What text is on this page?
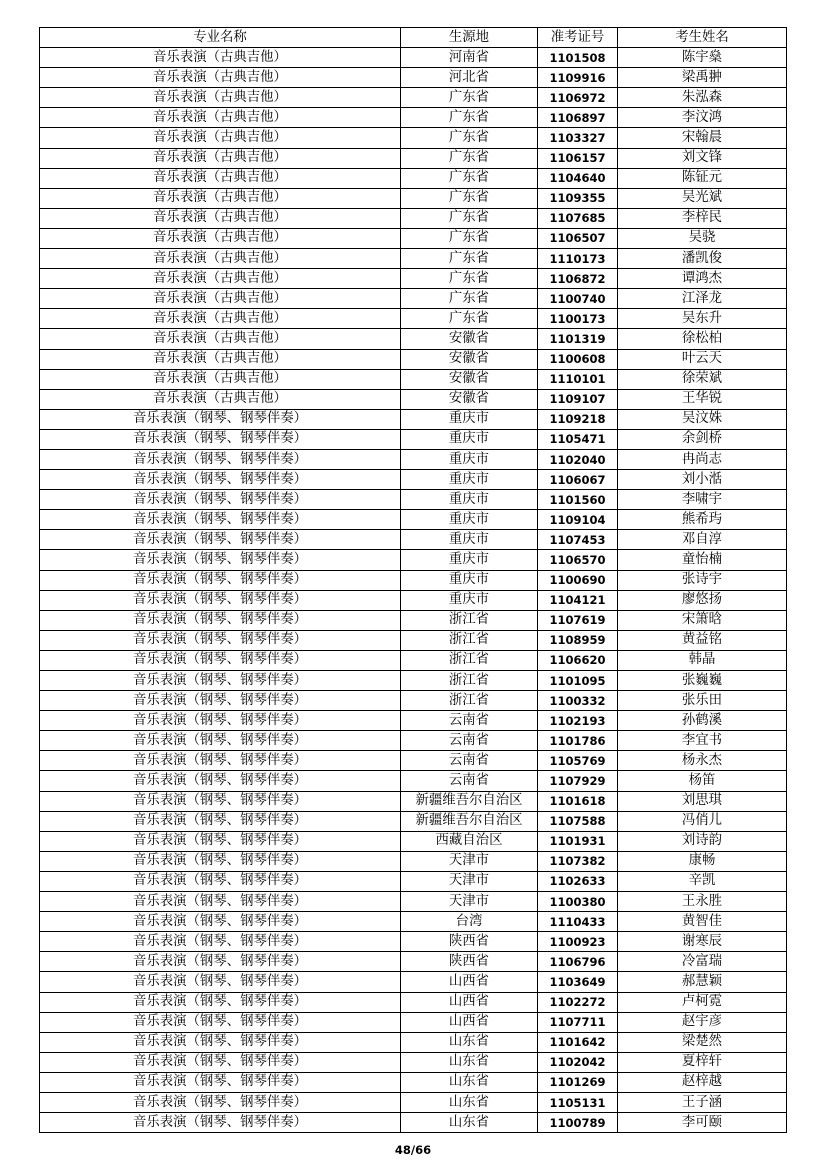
专业名称	生源地	准考证号	考生姓名
音乐表演（古典吉他）	河南省	1101508	陈宇燊
音乐表演（古典吉他）	河北省	1109916	梁禹翀
音乐表演（古典吉他）	广东省	1106972	朱泓森
音乐表演（古典吉他）	广东省	1106897	李汶鸿
音乐表演（古典吉他）	广东省	1103327	宋翰晨
音乐表演（古典吉他）	广东省	1106157	刘文锋
音乐表演（古典吉他）	广东省	1104640	陈钲元
音乐表演（古典吉他）	广东省	1109355	吴光斌
音乐表演（古典吉他）	广东省	1107685	李梓民
音乐表演（古典吉他）	广东省	1106507	吴骁
音乐表演（古典吉他）	广东省	1110173	潘凯俊
音乐表演（古典吉他）	广东省	1106872	谭鸿杰
音乐表演（古典吉他）	广东省	1100740	江泽龙
音乐表演（古典吉他）	广东省	1100173	吴东升
音乐表演（古典吉他）	安徽省	1101319	徐松柏
音乐表演（古典吉他）	安徽省	1100608	叶云天
音乐表演（古典吉他）	安徽省	1110101	徐荣斌
音乐表演（古典吉他）	安徽省	1109107	王华锐
音乐表演（钢琴、钢琴伴奏）	重庆市	1109218	吴汶姝
音乐表演（钢琴、钢琴伴奏）	重庆市	1105471	余剑桥
音乐表演（钢琴、钢琴伴奏）	重庆市	1102040	冉尚志
音乐表演（钢琴、钢琴伴奏）	重庆市	1106067	刘小湉
音乐表演（钢琴、钢琴伴奏）	重庆市	1101560	李啸宇
音乐表演（钢琴、钢琴伴奏）	重庆市	1109104	熊希玙
音乐表演（钢琴、钢琴伴奏）	重庆市	1107453	邓自淳
音乐表演（钢琴、钢琴伴奏）	重庆市	1106570	童怡楠
音乐表演（钢琴、钢琴伴奏）	重庆市	1100690	张诗宇
音乐表演（钢琴、钢琴伴奏）	重庆市	1104121	廖悠扬
音乐表演（钢琴、钢琴伴奏）	浙江省	1107619	宋箫晗
音乐表演（钢琴、钢琴伴奏）	浙江省	1108959	黄益铭
音乐表演（钢琴、钢琴伴奏）	浙江省	1106620	韩晶
音乐表演（钢琴、钢琴伴奏）	浙江省	1101095	张巍巍
音乐表演（钢琴、钢琴伴奏）	浙江省	1100332	张乐田
音乐表演（钢琴、钢琴伴奏）	云南省	1102193	孙鹤溪
音乐表演（钢琴、钢琴伴奏）	云南省	1101786	李宜书
音乐表演（钢琴、钢琴伴奏）	云南省	1105769	杨永杰
音乐表演（钢琴、钢琴伴奏）	云南省	1107929	杨笛
音乐表演（钢琴、钢琴伴奏）	新疆维吾尔自治区	1101618	刘思琪
音乐表演（钢琴、钢琴伴奏）	新疆维吾尔自治区	1107588	冯俏儿
音乐表演（钢琴、钢琴伴奏）	西藏自治区	1101931	刘诗韵
音乐表演（钢琴、钢琴伴奏）	天津市	1107382	康畅
音乐表演（钢琴、钢琴伴奏）	天津市	1102633	辛凯
音乐表演（钢琴、钢琴伴奏）	天津市	1100380	王永胜
音乐表演（钢琴、钢琴伴奏）	台湾	1110433	黄智佳
音乐表演（钢琴、钢琴伴奏）	陕西省	1100923	谢寒辰
音乐表演（钢琴、钢琴伴奏）	陕西省	1106796	冷富瑞
音乐表演（钢琴、钢琴伴奏）	山西省	1103649	郝慧颖
音乐表演（钢琴、钢琴伴奏）	山西省	1102272	卢柯霓
音乐表演（钢琴、钢琴伴奏）	山西省	1107711	赵宇彦
音乐表演（钢琴、钢琴伴奏）	山东省	1101642	梁楚然
音乐表演（钢琴、钢琴伴奏）	山东省	1102042	夏梓轩
音乐表演（钢琴、钢琴伴奏）	山东省	1101269	赵梓越
音乐表演（钢琴、钢琴伴奏）	山东省	1105131	王子涵
音乐表演（钢琴、钢琴伴奏）	山东省	1100789	李可颐
48/66
